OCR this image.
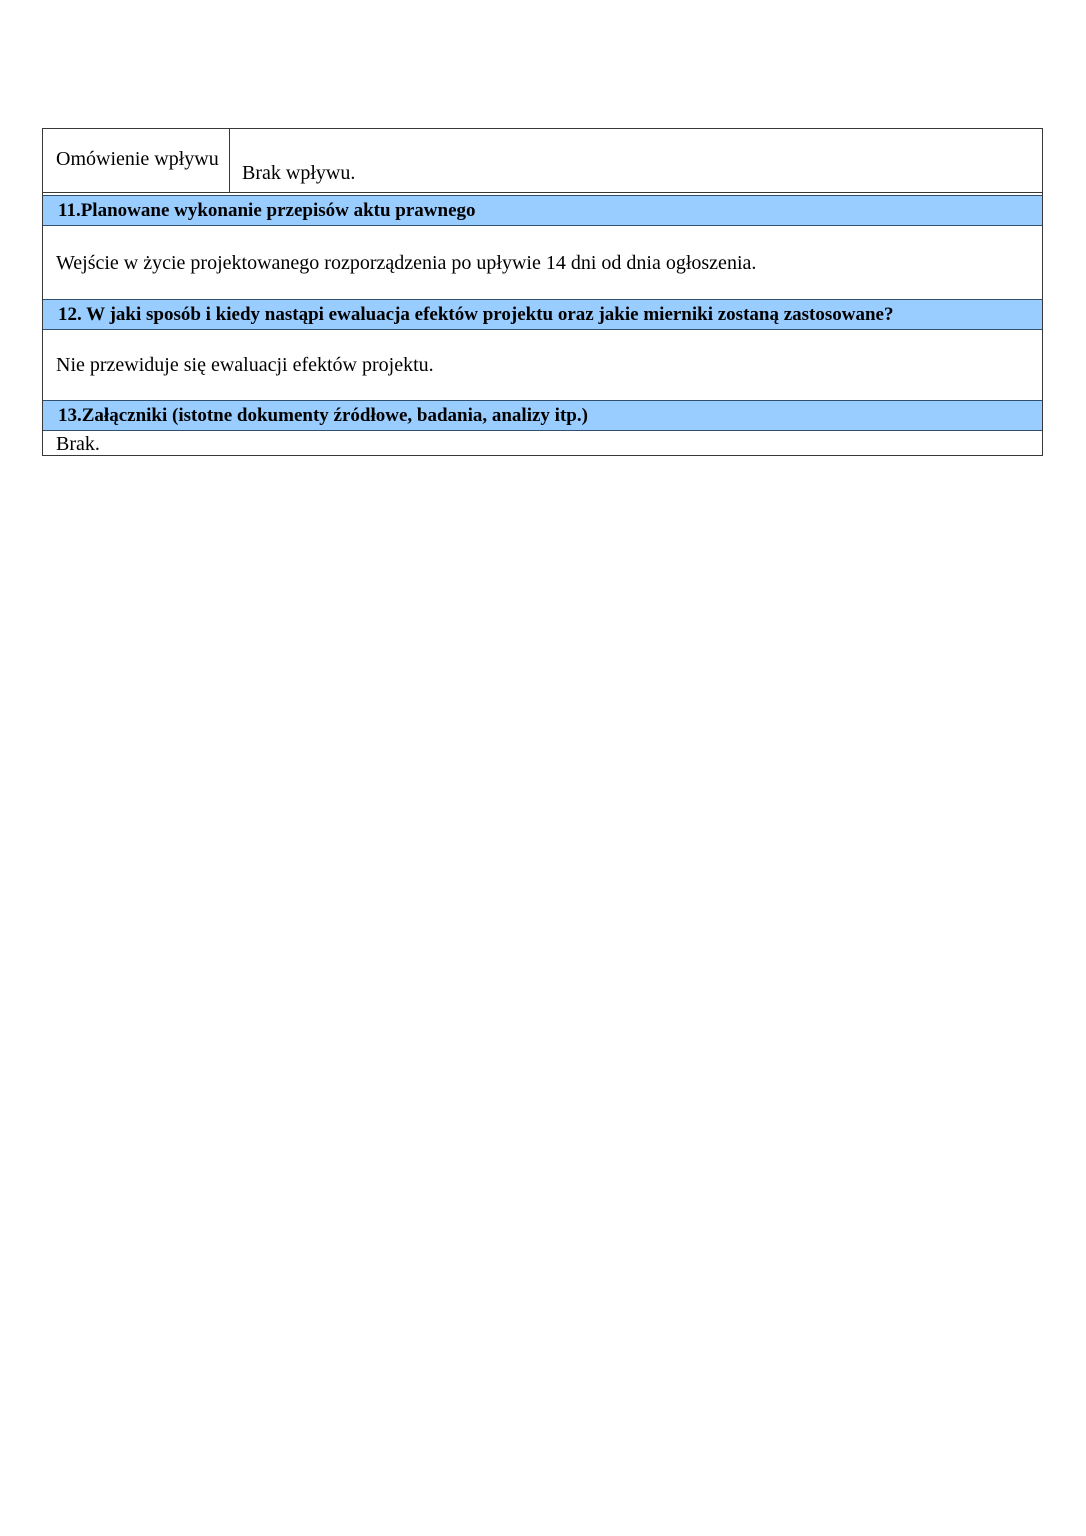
Omówienie wpływu
Brak wpływu.
11.Planowane wykonanie przepisów aktu prawnego
Wejście w życie projektowanego rozporządzenia po upływie 14 dni od dnia ogłoszenia.
12. W jaki sposób i kiedy nastąpi ewaluacja efektów projektu oraz jakie mierniki zostaną zastosowane?
Nie przewiduje się ewaluacji efektów projektu.
13.Załączniki (istotne dokumenty źródłowe, badania, analizy itp.)
Brak.
